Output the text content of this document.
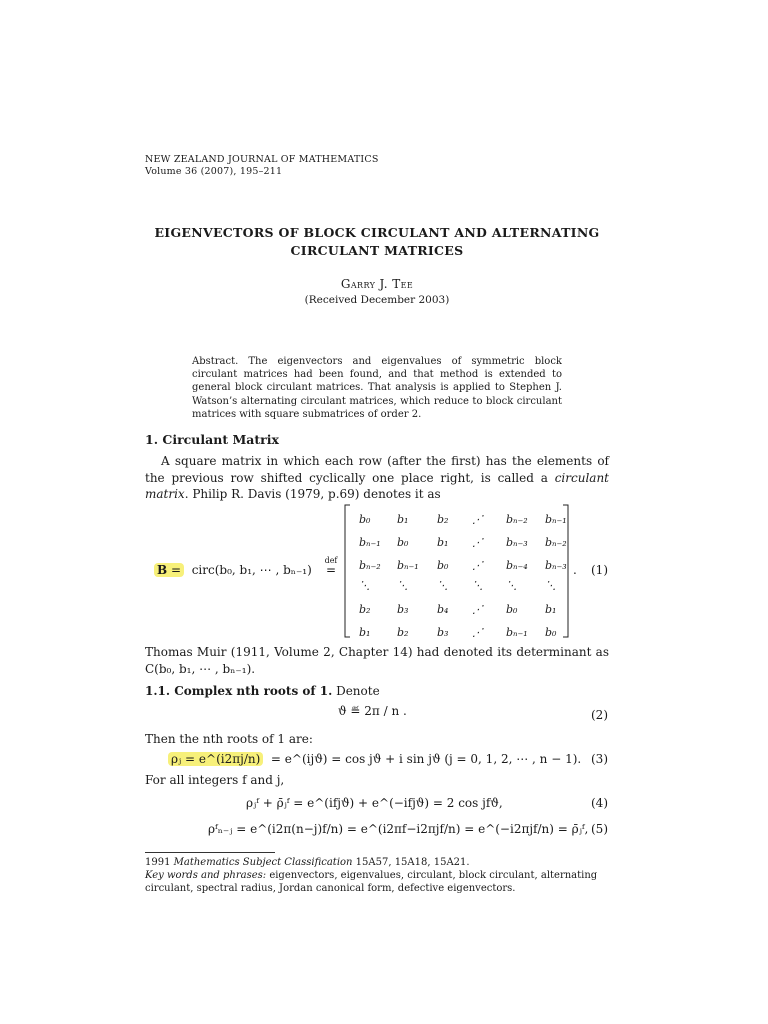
NEW ZEALAND JOURNAL OF MATHEMATICS
Volume 36 (2007), 195–211
EIGENVECTORS OF BLOCK CIRCULANT AND ALTERNATING
CIRCULANT MATRICES
Garry J. Tee
(Received December 2003)
Abstract. The eigenvectors and eigenvalues of symmetric block circulant matrices had been found, and that method is extended to general block circulant matrices. That analysis is applied to Stephen J. Watson’s alternating circulant matrices, which reduce to block circulant matrices with square submatrices of order 2.
1. Circulant Matrix
A square matrix in which each row (after the first) has the elements of the previous row shifted cyclically one place right, is called a circulant matrix. Philip R. Davis (1979, p.69) denotes it as
B = circ(b₀, b₁, ⋯ , bₙ₋₁)
def
=
b₀ b₁	b₂ ⋰ bₙ₋₂ bₙ₋₁
bₙ₋₁ b₀	b₁ ⋰ bₙ₋₃ bₙ₋₂
bₙ₋₂ bₙ₋₁ b₀ ⋰ bₙ₋₄ bₙ₋₃
⋱ ⋱	⋱ ⋱ ⋱	⋱
b₂ b₃	b₄ ⋰ b₀	b₁
b₁ b₂	b₃ ⋰ bₙ₋₁ b₀
. (1)
Thomas Muir (1911, Volume 2, Chapter 14) had denoted its determinant as C(b₀, b₁, ⋯ , bₙ₋₁).
1.1. Complex nth roots of 1. Denote
ϑ ≝ 2π / n .	(2)
Then the nth roots of 1 are:
ρⱼ = e^(i2πj/n) = e^(ijϑ) = cos jϑ + i sin jϑ (j = 0, 1, 2, ⋯ , n − 1). (3)
For all integers f and j,
ρⱼᶠ + ρ̄ⱼᶠ = e^(ifjϑ) + e^(−ifjϑ) = 2 cos jfϑ,	(4)
ρᶠₙ₋ⱼ = e^(i2π(n−j)f/n) = e^(i2πf−i2πjf/n) = e^(−i2πjf/n) = ρ̄ⱼᶠ, (5)
1991 Mathematics Subject Classification 15A57, 15A18, 15A21.
Key words and phrases: eigenvectors, eigenvalues, circulant, block circulant, alternating circulant, spectral radius, Jordan canonical form, defective eigenvectors.
